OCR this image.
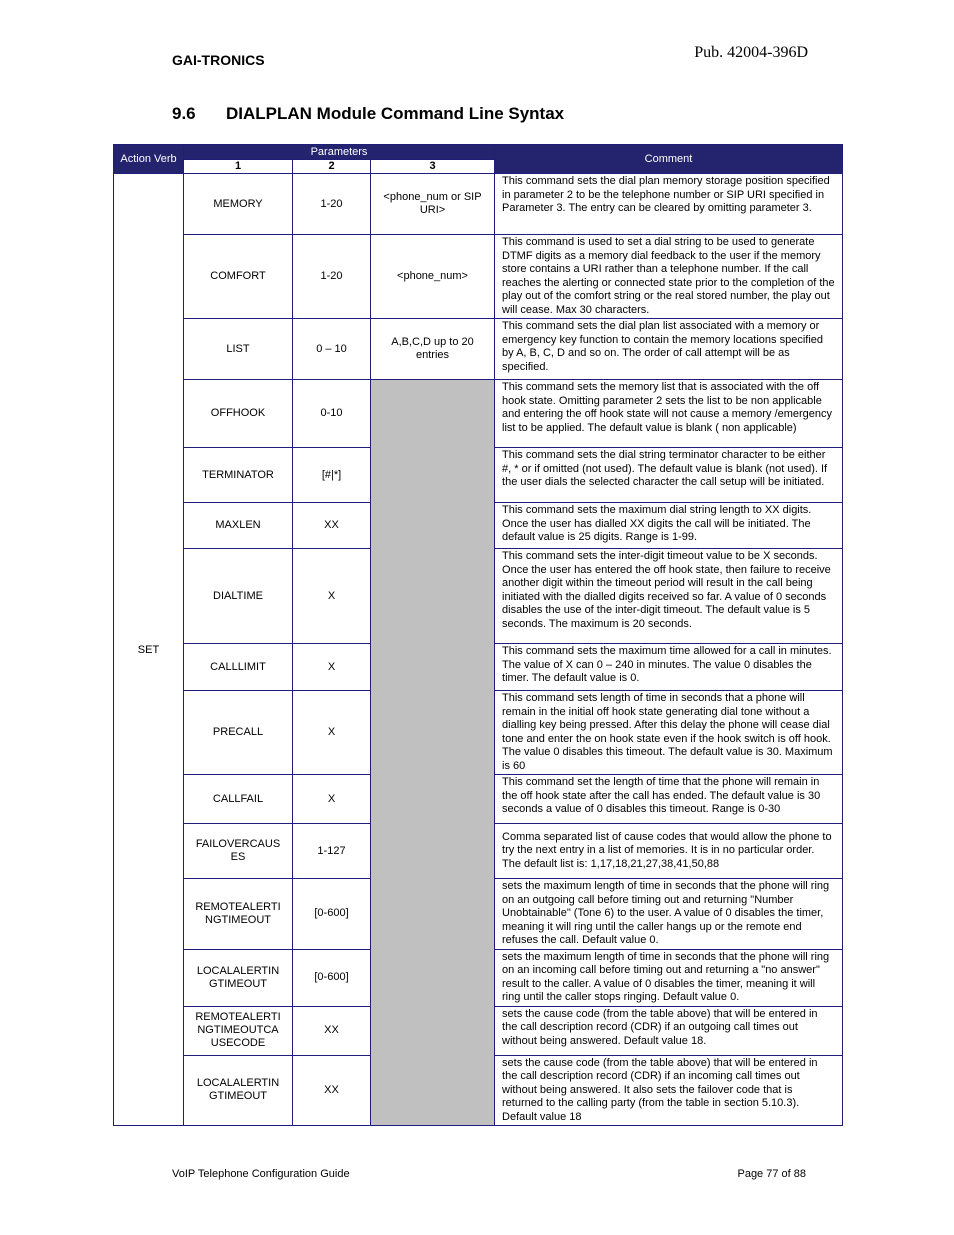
GAI-TRONICS	Pub. 42004-396D
9.6 DIALPLAN Module Command Line Syntax
Action Verb	Parameters			Comment
	1	2	3	
SET	MEMORY	1-20	<phone_num or SIP URI>	This command sets the dial plan memory storage position specified in parameter 2 to be the telephone number or SIP URI specified in Parameter 3. The entry can be cleared by omitting parameter 3.
	COMFORT	1-20	<phone_num>	This command is used to set a dial string to be used to generate DTMF digits as a memory dial feedback to the user if the memory store contains a URI rather than a telephone number. If the call reaches the alerting or connected state prior to the completion of the play out of the comfort string or the real stored number, the play out will cease. Max 30 characters.
	LIST	0 – 10	A,B,C,D up to 20 entries	This command sets the dial plan list associated with a memory or emergency key function to contain the memory locations specified by A, B, C, D and so on. The order of call attempt will be as specified.
	OFFHOOK	0-10		This command sets the memory list that is associated with the off hook state. Omitting parameter 2 sets the list to be non applicable and entering the off hook state will not cause a memory /emergency list to be applied. The default value is blank ( non applicable)
	TERMINATOR	[#|*]		This command sets the dial string terminator character to be either #, * or if omitted (not used). The default value is blank (not used). If the user dials the selected character the call setup will be initiated.
	MAXLEN	XX		This command sets the maximum dial string length to XX digits. Once the user has dialled XX digits the call will be initiated. The default value is 25 digits. Range is 1-99.
	DIALTIME	X		This command sets the inter-digit timeout value to be X seconds. Once the user has entered the off hook state, then failure to receive another digit within the timeout period will result in the call being initiated with the dialled digits received so far. A value of 0 seconds disables the use of the inter-digit timeout. The default value is 5 seconds. The maximum is 20 seconds.
	CALLLIMIT	X		This command sets the maximum time allowed for a call in minutes. The value of X can 0 – 240 in minutes. The value 0 disables the timer. The default value is 0.
	PRECALL	X		This command sets length of time in seconds that a phone will remain in the initial off hook state generating dial tone without a dialling key being pressed. After this delay the phone will cease dial tone and enter the on hook state even if the hook switch is off hook. The value 0 disables this timeout. The default value is 30. Maximum is 60
	CALLFAIL	X		This command set the length of time that the phone will remain in the off hook state after the call has ended. The default value is 30 seconds a value of 0 disables this timeout. Range is 0-30
	FAILOVERCAUS ES	1-127		Comma separated list of cause codes that would allow the phone to try the next entry in a list of memories. It is in no particular order. The default list is: 1,17,18,21,27,38,41,50,88
	REMOTEALERTI NGTIMEOUT	[0-600]		sets the maximum length of time in seconds that the phone will ring on an outgoing call before timing out and returning "Number Unobtainable" (Tone 6) to the user. A value of 0 disables the timer, meaning it will ring until the caller hangs up or the remote end refuses the call. Default value 0.
	LOCALALERTIN GTIMEOUT	[0-600]		sets the maximum length of time in seconds that the phone will ring on an incoming call before timing out and returning a "no answer" result to the caller. A value of 0 disables the timer, meaning it will ring until the caller stops ringing. Default value 0.
	REMOTEALERTI NGTIMEOUTCA USECODE	XX		sets the cause code (from the table above) that will be entered in the call description record (CDR) if an outgoing call times out without being answered. Default value 18.
	LOCALALERTIN GTIMEOUT	XX		sets the cause code (from the table above) that will be entered in the call description record (CDR) if an incoming call times out without being answered. It also sets the failover code that is returned to the calling party (from the table in section 5.10.3). Default value 18
VoIP Telephone Configuration Guide	Page 77 of 88
